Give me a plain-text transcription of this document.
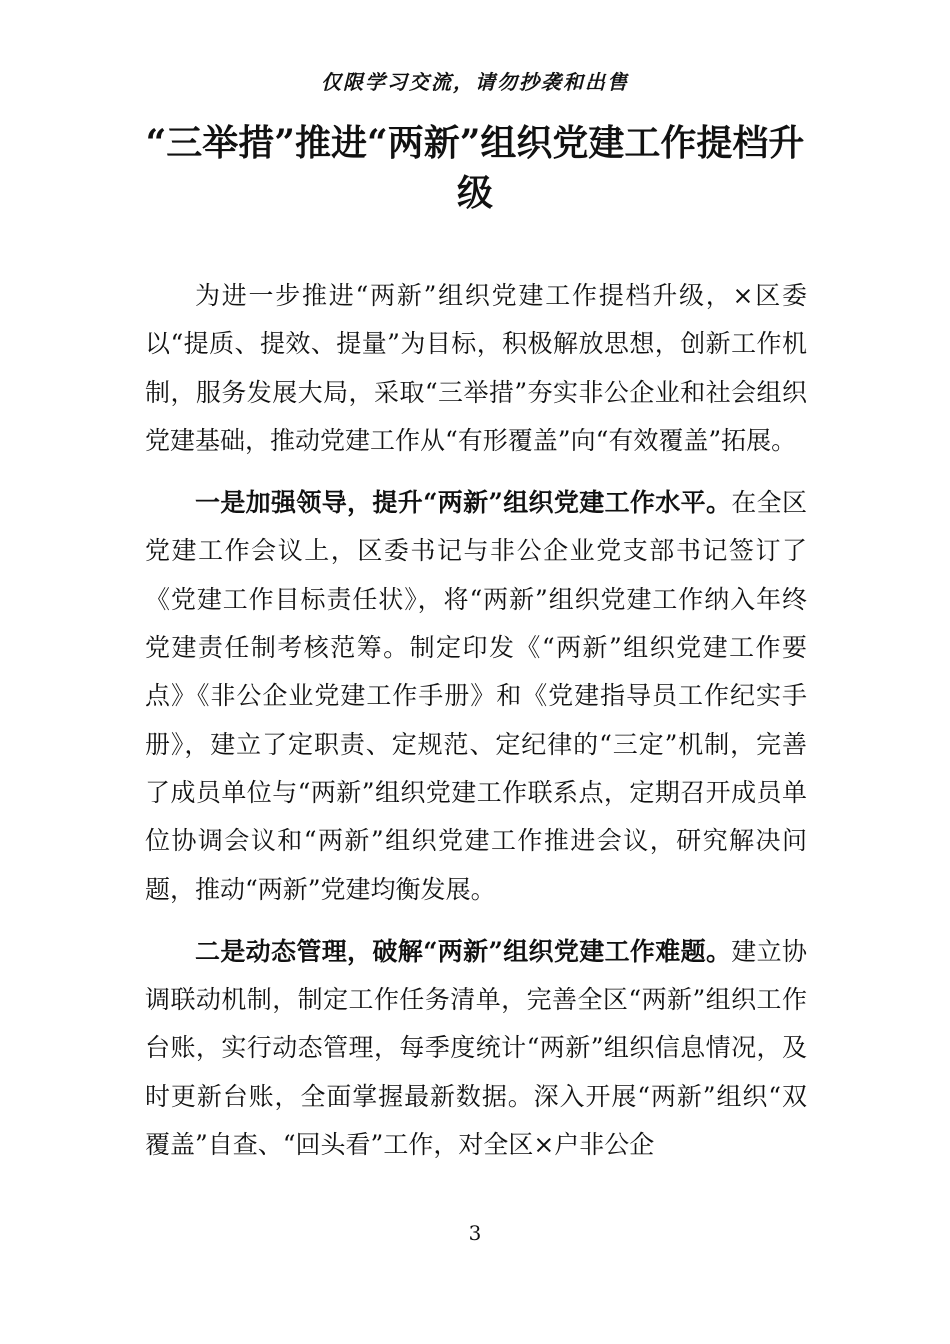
仅限学习交流，请勿抄袭和出售
“三举措”推进“两新”组织党建工作提档升级

为进一步推进“两新”组织党建工作提档升级，×区委以“提质、提效、提量”为目标，积极解放思想，创新工作机制，服务发展大局，采取“三举措”夯实非公企业和社会组织党建基础，推动党建工作从“有形覆盖”向“有效覆盖”拓展。

一是加强领导，提升“两新”组织党建工作水平。在全区党建工作会议上，区委书记与非公企业党支部书记签订了《党建工作目标责任状》，将“两新”组织党建工作纳入年终党建责任制考核范筹。制定印发《“两新”组织党建工作要点》《非公企业党建工作手册》和《党建指导员工作纪实手册》，建立了定职责、定规范、定纪律的“三定”机制，完善了成员单位与“两新”组织党建工作联系点，定期召开成员单位协调会议和“两新”组织党建工作推进会议，研究解决问题，推动“两新”党建均衡发展。

二是动态管理，破解“两新”组织党建工作难题。建立协调联动机制，制定工作任务清单，完善全区“两新”组织工作台账，实行动态管理，每季度统计“两新”组织信息情况，及时更新台账，全面掌握最新数据。深入开展“两新”组织“双覆盖”自查、“回头看”工作，对全区×户非公企

3
